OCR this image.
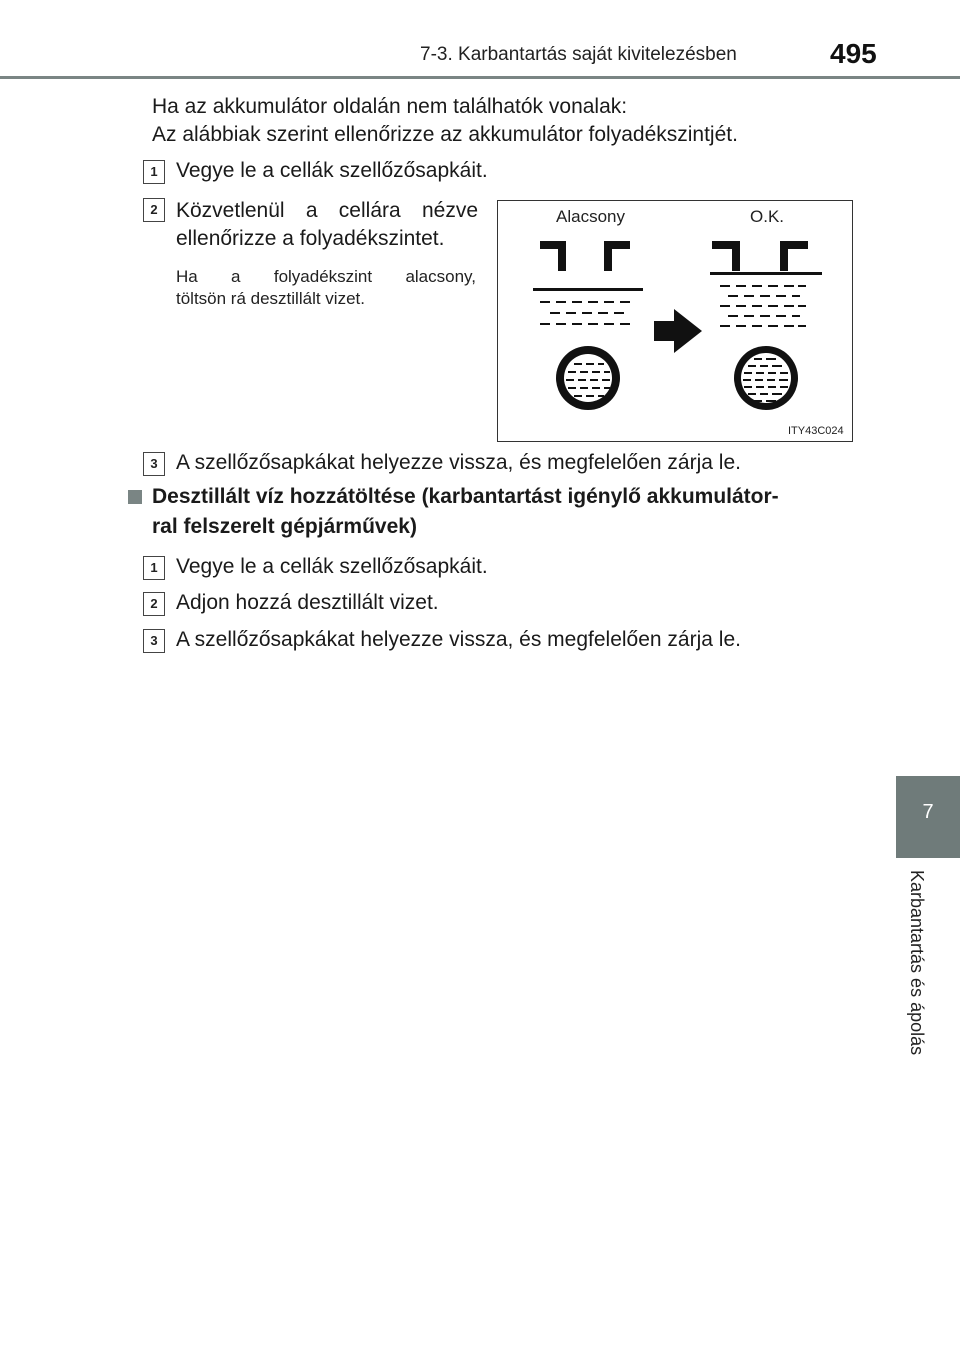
7-3. Karbantartás saját kivitelezésben	495
7
Karbantartás és ápolás
Ha az akkumulátor oldalán nem találhatók vonalak:
Az alábbiak szerint ellenőrizze az akkumulátor folyadékszintjét.
1 Vegye le a cellák szellőzősapkáit.
2 Közvetlenül a cellára nézve
ellenőrizze a folyadékszintet.
Ha a folyadékszint alacsony,
töltsön rá desztillált vizet.
Alacsony	O.K.
ITY43C024
3 A szellőzősapkákat helyezze vissza, és megfelelően zárja le.
Desztillált víz hozzátöltése (karbantartást igénylő akkumulátor-
ral felszerelt gépjárművek)
1 Vegye le a cellák szellőzősapkáit.
2 Adjon hozzá desztillált vizet.
3 A szellőzősapkákat helyezze vissza, és megfelelően zárja le.
